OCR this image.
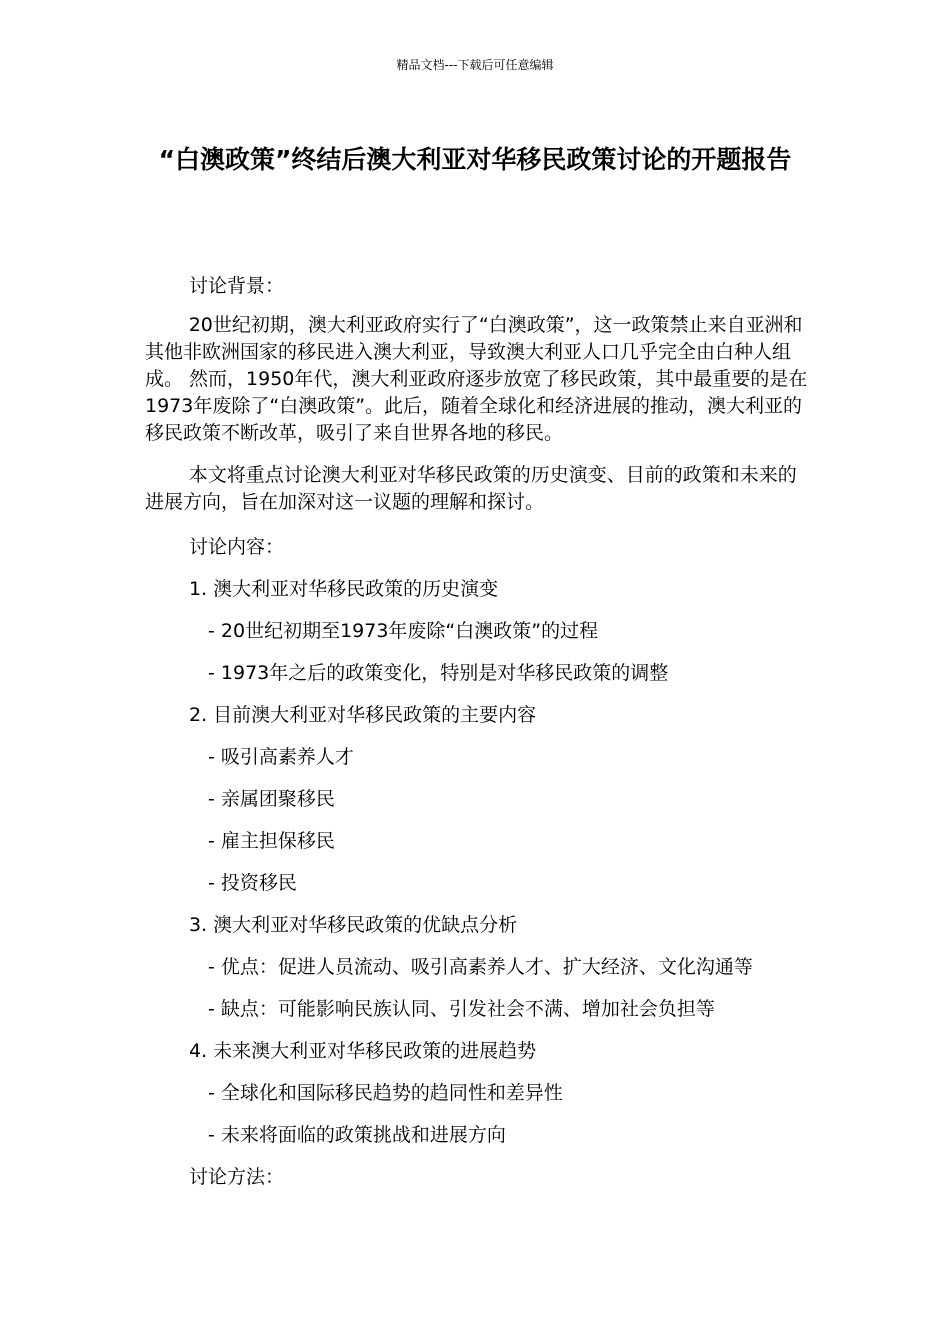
精品文档---下载后可任意编辑
“白澳政策”终结后澳大利亚对华移民政策讨论的开题报告
讨论背景：

20世纪初期，澳大利亚政府实行了“白澳政策”，这一政策禁止来自亚洲和其他非欧洲国家的移民进入澳大利亚，导致澳大利亚人口几乎完全由白种人组成。 然而，1950年代，澳大利亚政府逐步放宽了移民政策，其中最重要的是在1973年废除了“白澳政策”。此后，随着全球化和经济进展的推动，澳大利亚的移民政策不断改革，吸引了来自世界各地的移民。

本文将重点讨论澳大利亚对华移民政策的历史演变、目前的政策和未来的进展方向，旨在加深对这一议题的理解和探讨。

讨论内容：
1. 澳大利亚对华移民政策的历史演变
- 20世纪初期至1973年废除“白澳政策”的过程
- 1973年之后的政策变化，特别是对华移民政策的调整
2. 目前澳大利亚对华移民政策的主要内容
- 吸引高素养人才
- 亲属团聚移民
- 雇主担保移民
- 投资移民
3. 澳大利亚对华移民政策的优缺点分析
- 优点：促进人员流动、吸引高素养人才、扩大经济、文化沟通等
- 缺点：可能影响民族认同、引发社会不满、增加社会负担等
4. 未来澳大利亚对华移民政策的进展趋势
- 全球化和国际移民趋势的趋同性和差异性
- 未来将面临的政策挑战和进展方向
讨论方法：
